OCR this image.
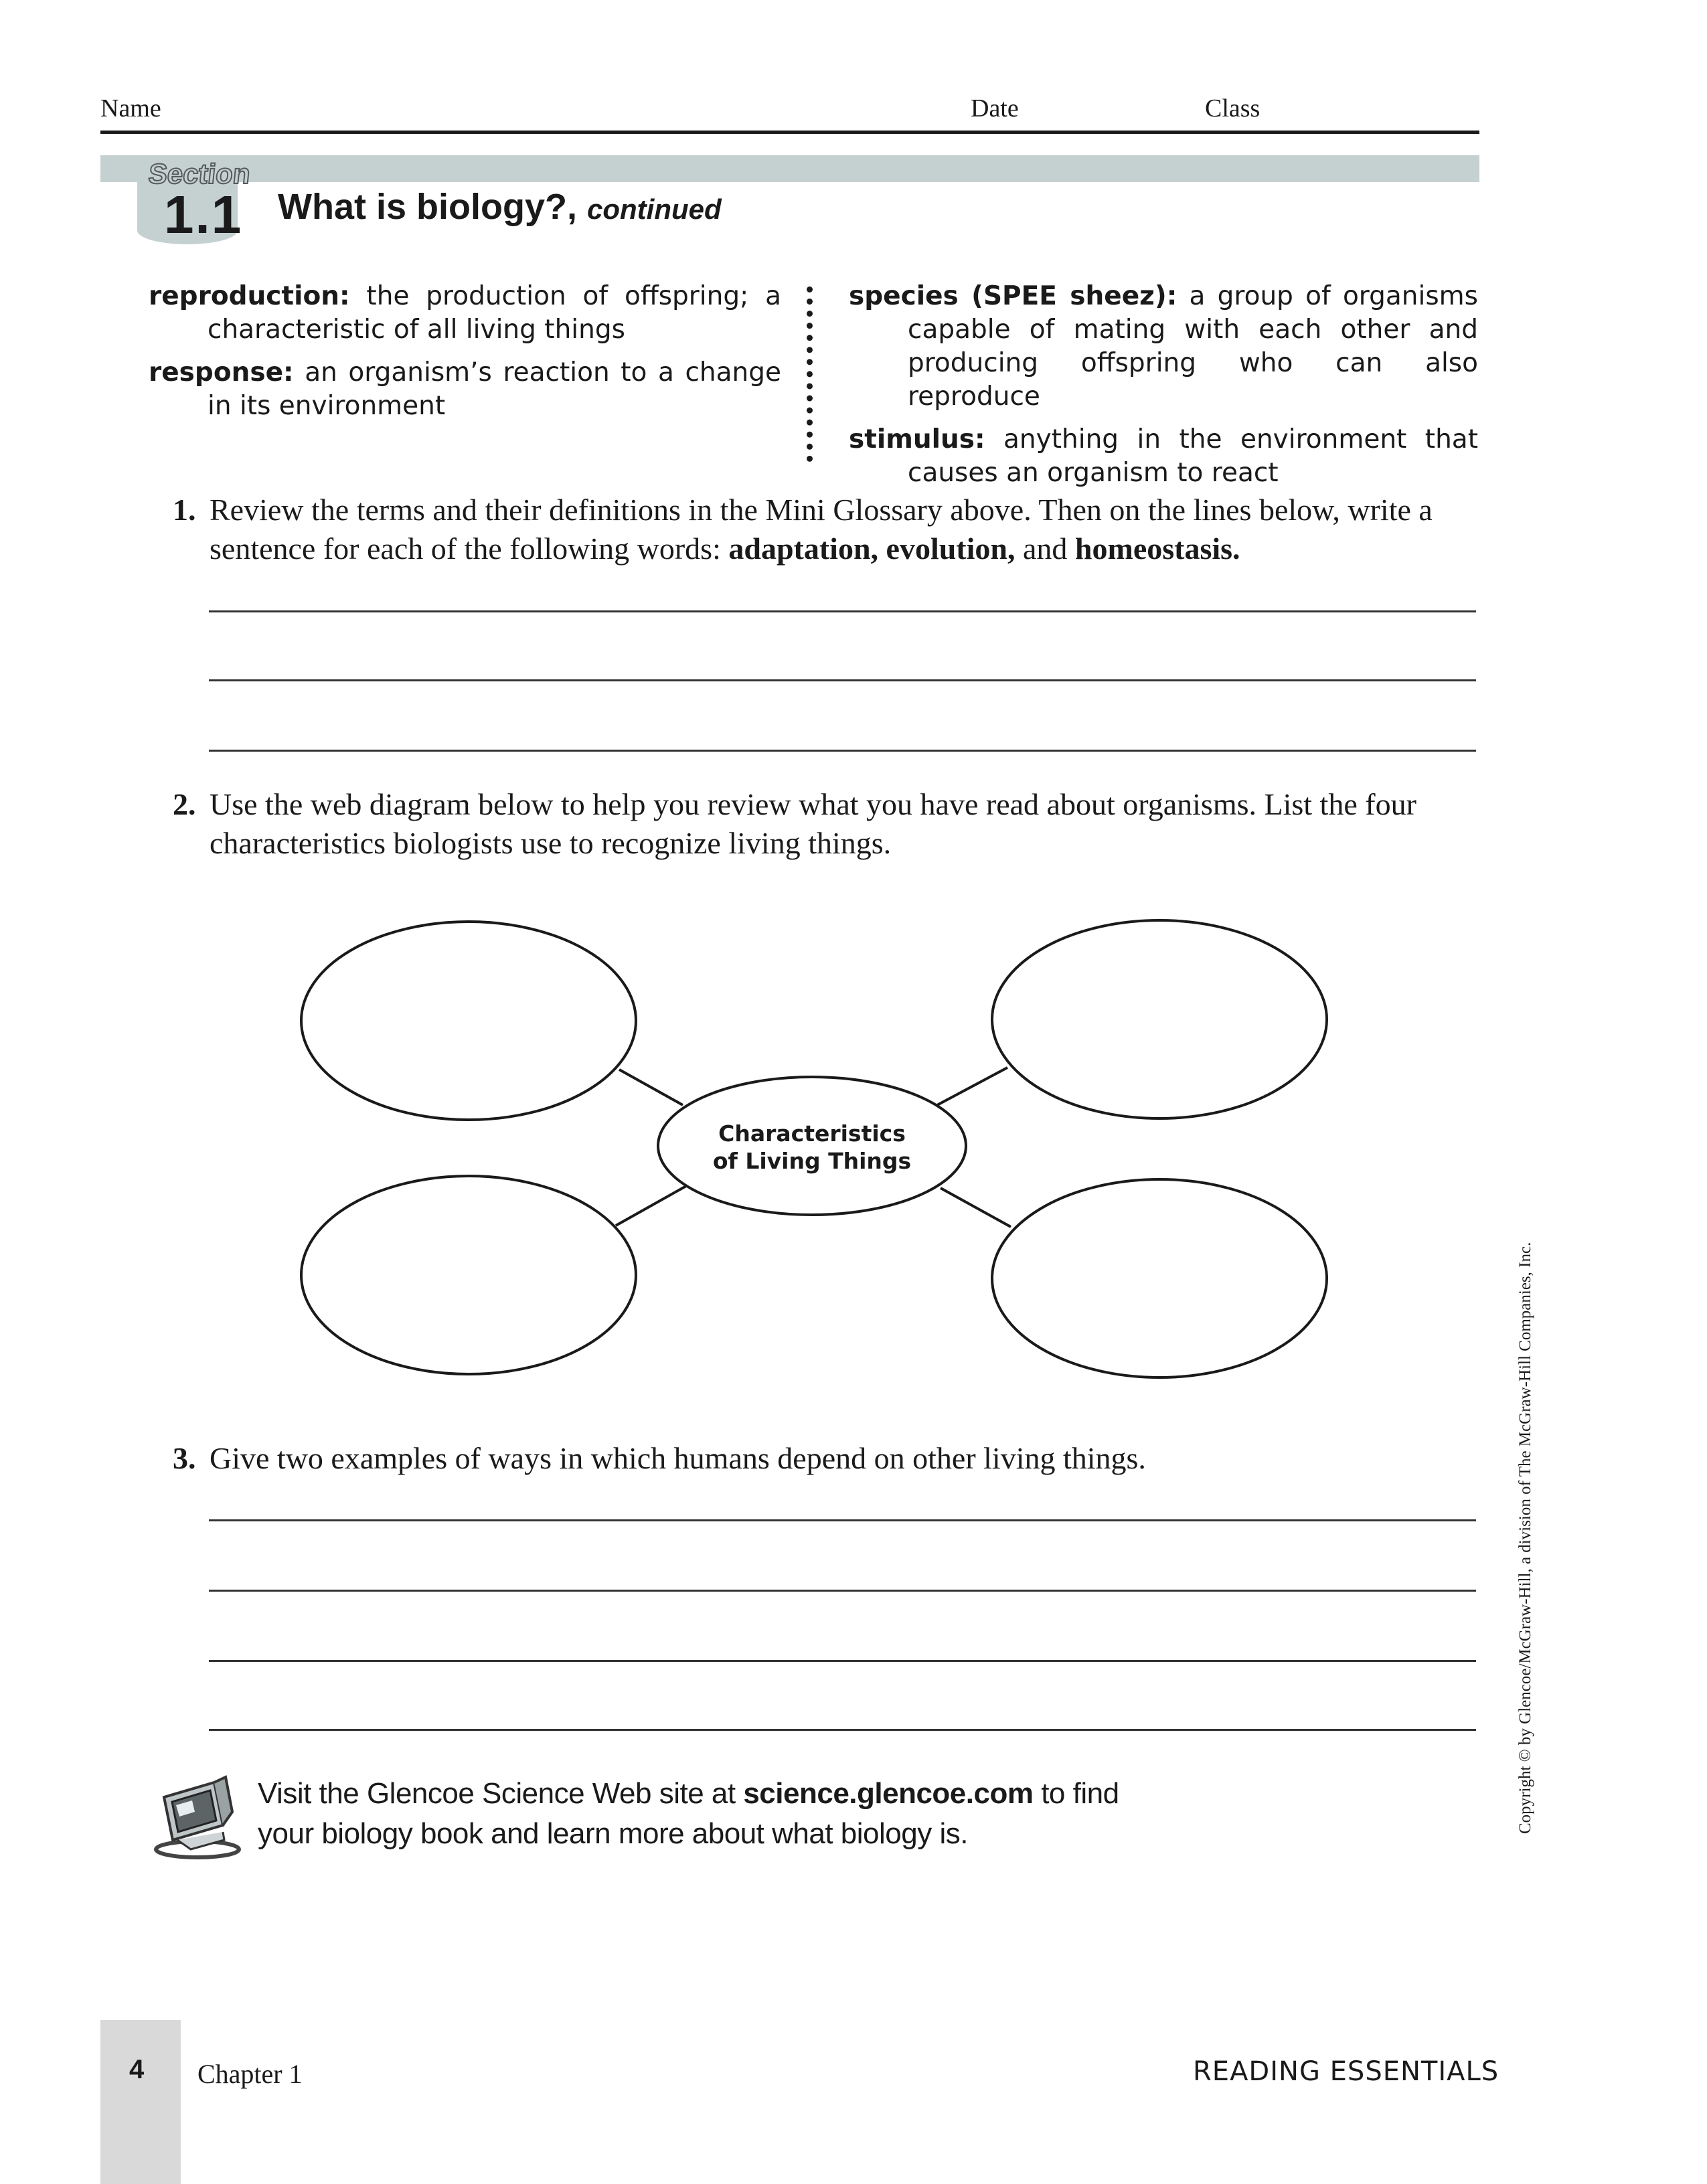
Name	Date	Class
Section
1.1 What is biology?, continued

reproduction: the production of offspring; a characteristic of all living things

response: an organism’s reaction to a change in its environment

species (SPEE sheez): a group of organisms capable of mating with each other and producing offspring who can also reproduce

stimulus: anything in the environment that causes an organism to react

1. Review the terms and their definitions in the Mini Glossary above. Then on the lines below, write a sentence for each of the following words: adaptation, evolution, and homeostasis.
2. Use the web diagram below to help you review what you have read about organisms. List the four characteristics biologists use to recognize living things.
Characteristics
of Living Things
3. Give two examples of ways in which humans depend on other living things.
Visit the Glencoe Science Web site at science.glencoe.com to find
your biology book and learn more about what biology is.	Copyright © by Glencoe/McGraw-Hill, a division of The McGraw-Hill Companies, Inc.
4 Chapter 1	READING ESSENTIALS
